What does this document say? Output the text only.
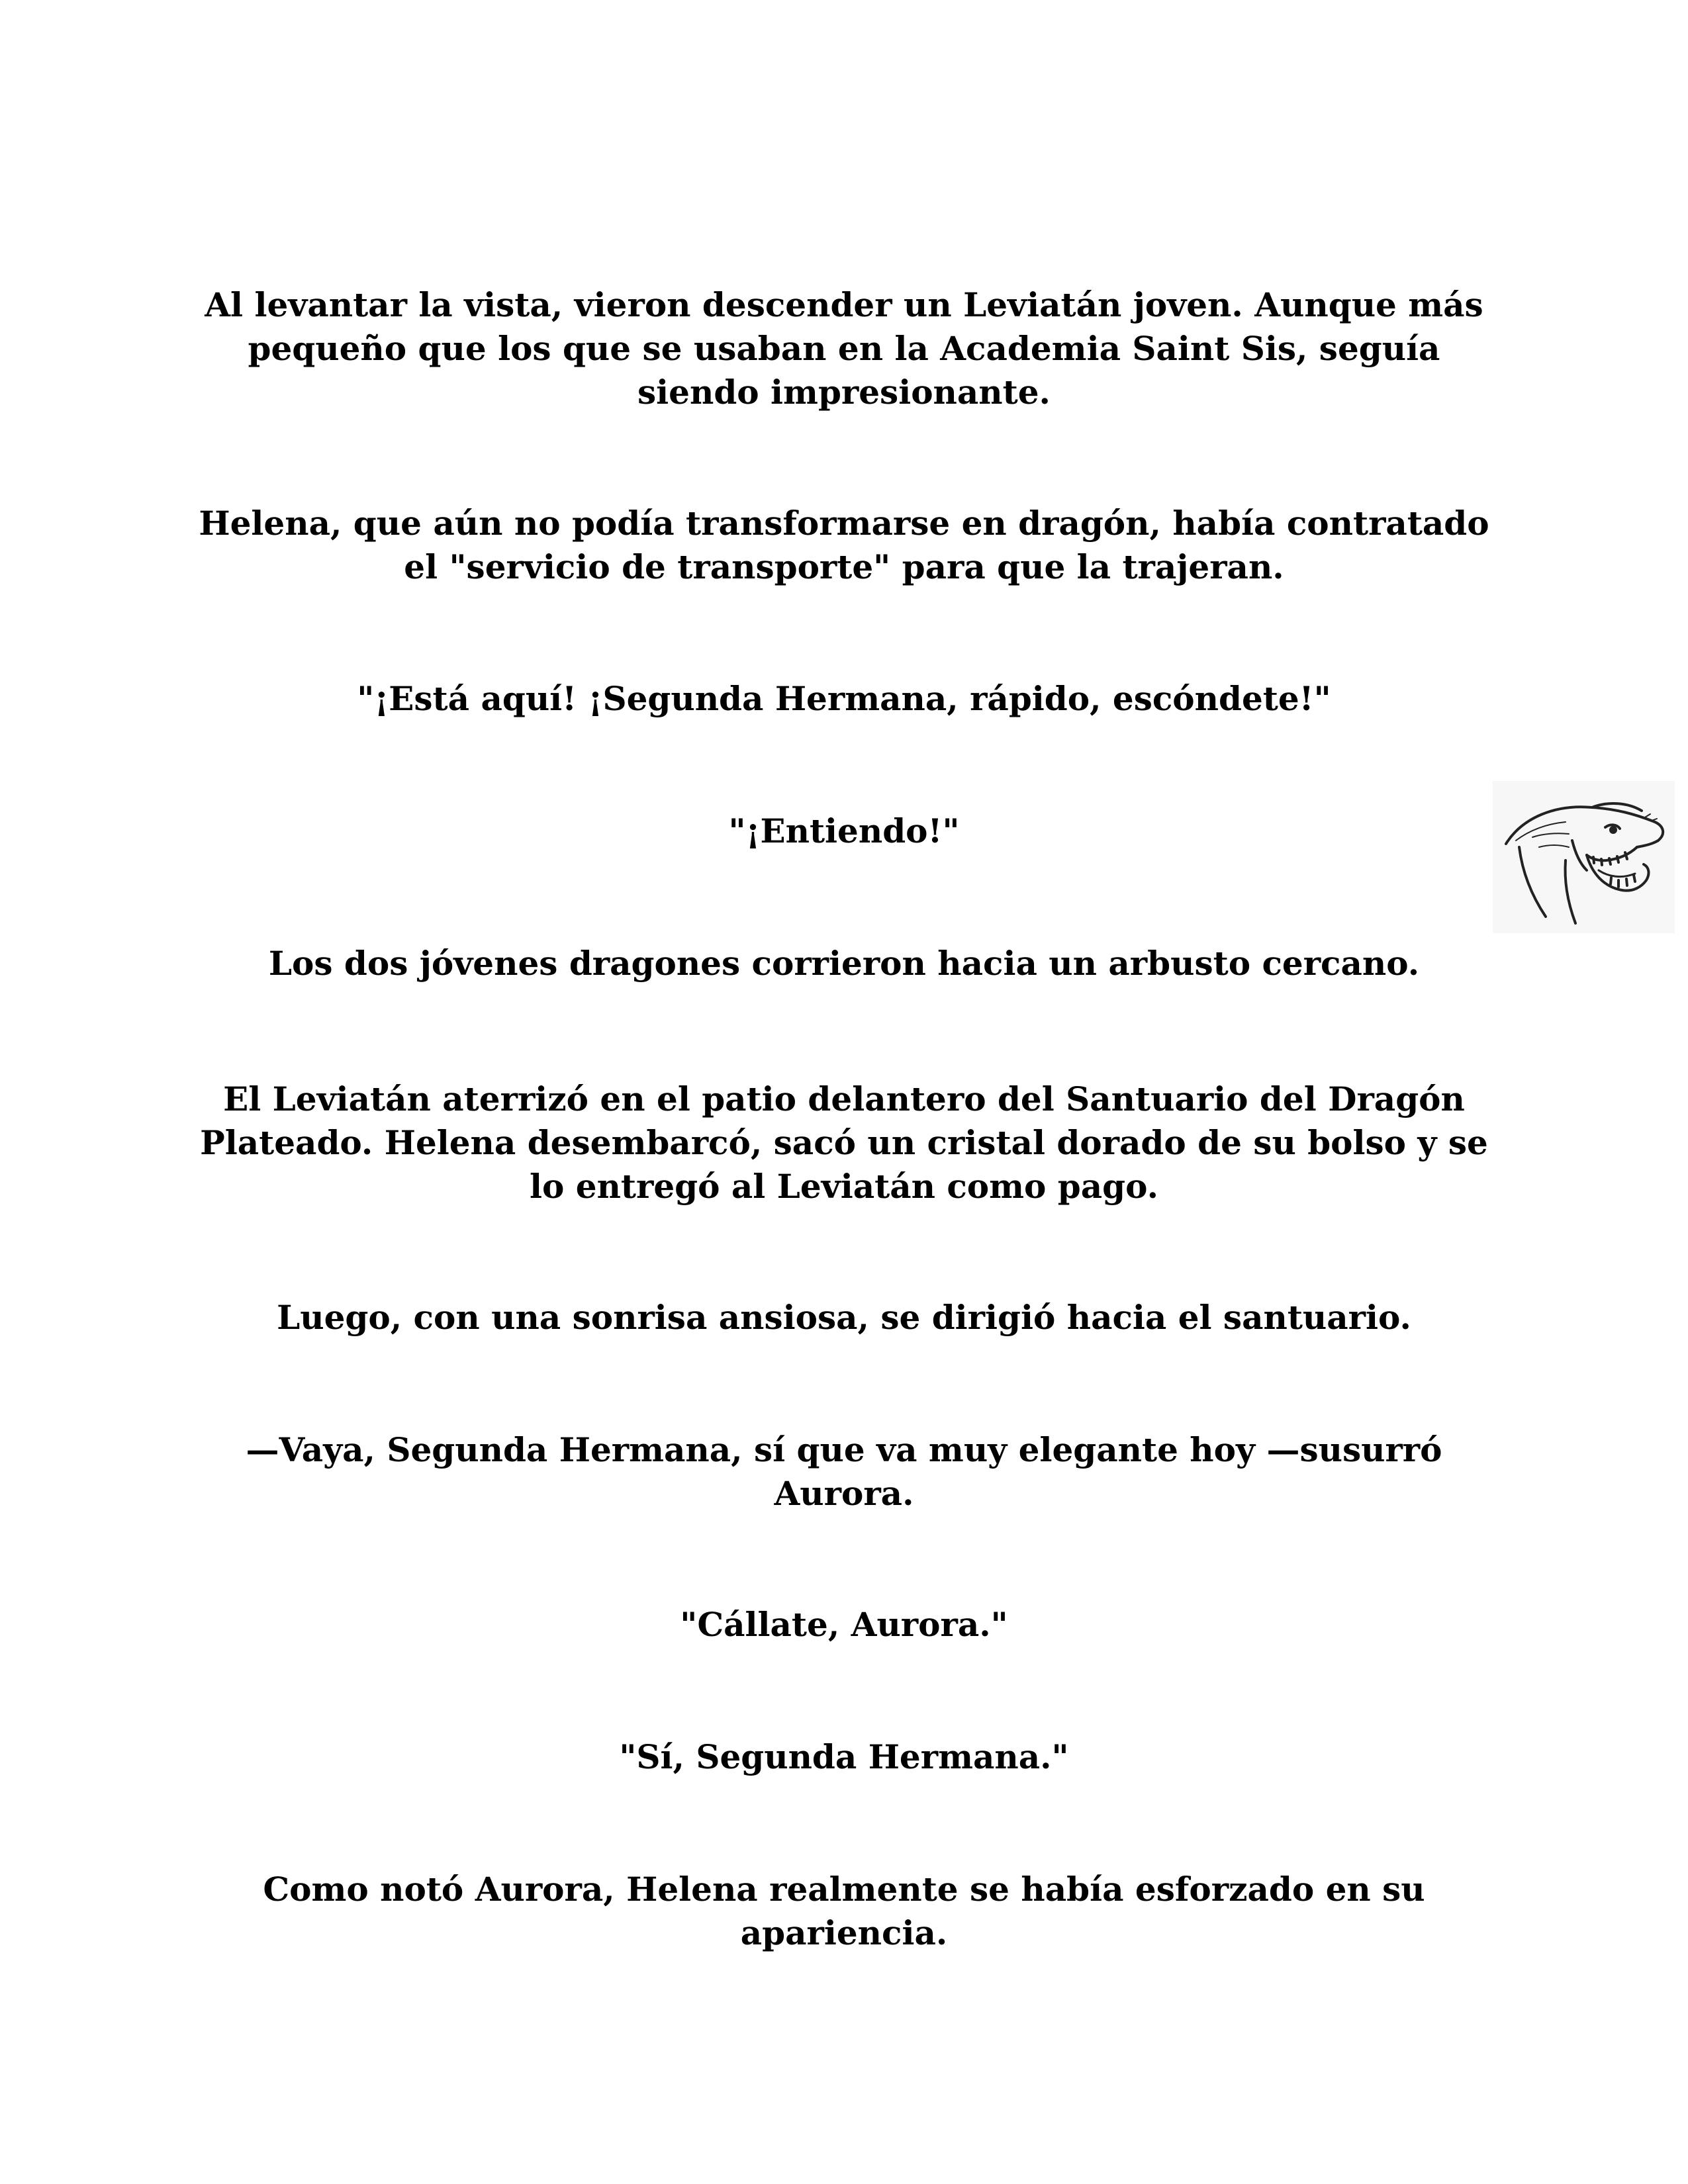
Al levantar la vista, vieron descender un Leviatán joven. Aunque más pequeño que los que se usaban en la Academia Saint Sis, seguía siendo impresionante.

Helena, que aún no podía transformarse en dragón, había contratado el "servicio de transporte" para que la trajeran.

"¡Está aquí! ¡Segunda Hermana, rápido, escóndete!"

"¡Entiendo!"

Los dos jóvenes dragones corrieron hacia un arbusto cercano.

El Leviatán aterrizó en el patio delantero del Santuario del Dragón Plateado. Helena desembarcó, sacó un cristal dorado de su bolso y se lo entregó al Leviatán como pago.

Luego, con una sonrisa ansiosa, se dirigió hacia el santuario.

—Vaya, Segunda Hermana, sí que va muy elegante hoy —susurró Aurora.

"Cállate, Aurora."

"Sí, Segunda Hermana."

Como notó Aurora, Helena realmente se había esforzado en su apariencia.
